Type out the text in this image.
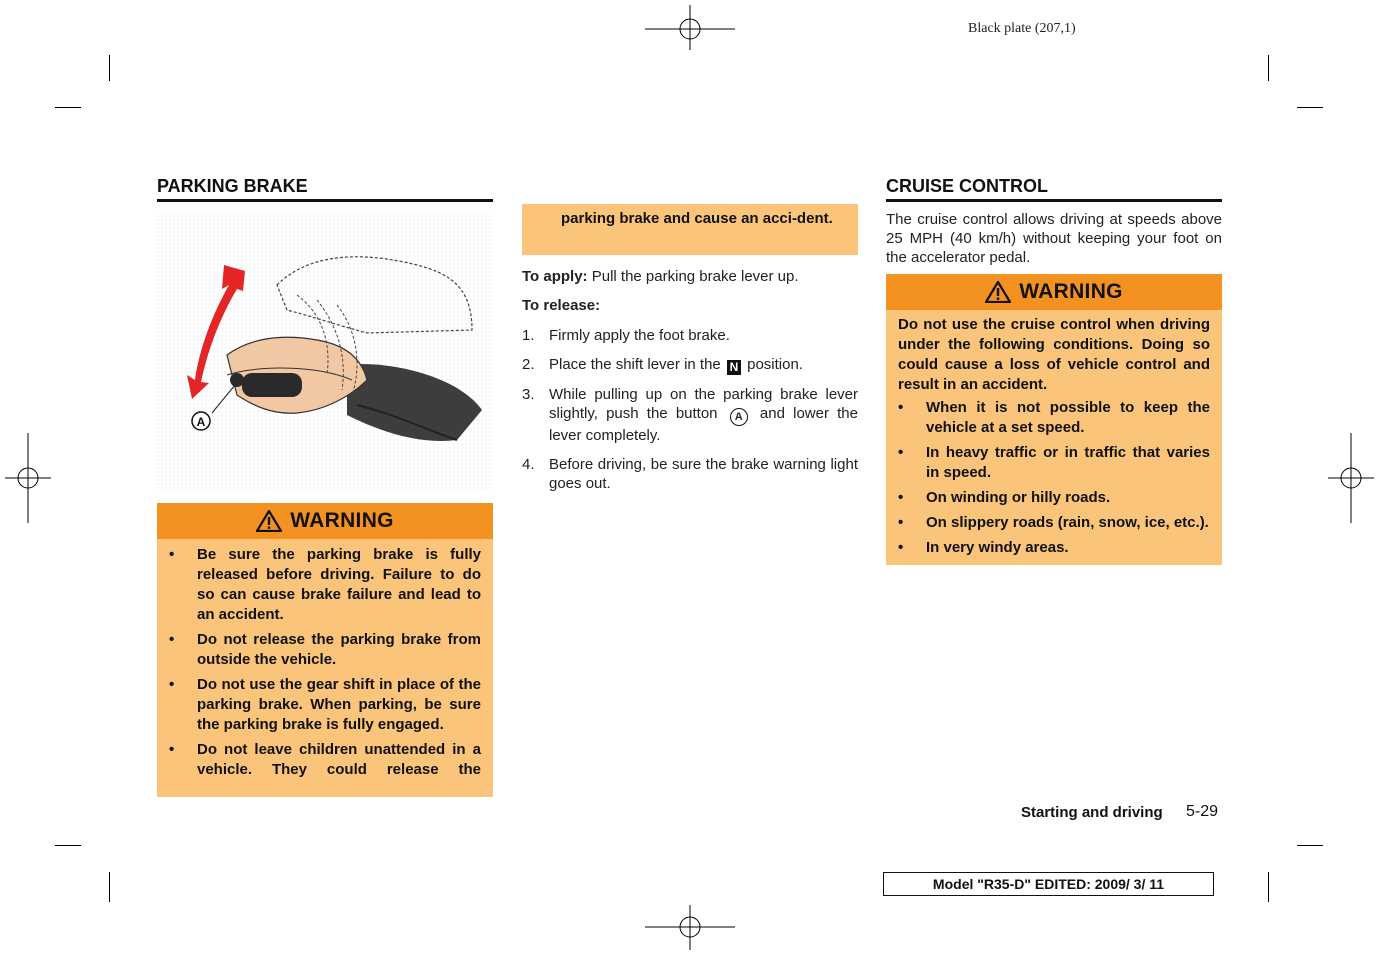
Black plate (207,1)
PARKING BRAKE
A
WARNING
• Be sure the parking brake is fully released before driving. Failure to do so can cause brake failure and lead to an accident.
• Do not release the parking brake from outside the vehicle.
• Do not use the gear shift in place of the parking brake. When parking, be sure the parking brake is fully engaged.
• Do not leave children unattended in a vehicle. They could release the
parking brake and cause an acci-dent.
To apply: Pull the parking brake lever up.
To release:
1. Firmly apply the foot brake.
2. Place the shift lever in the N position.
3. While pulling up on the parking brake lever slightly, push the button A and lower the lever completely.
4. Before driving, be sure the brake warning light goes out.
CRUISE CONTROL
The cruise control allows driving at speeds above 25 MPH (40 km/h) without keeping your foot on the accelerator pedal.
WARNING
Do not use the cruise control when driving under the following conditions. Doing so could cause a loss of vehicle control and result in an accident.
• When it is not possible to keep the vehicle at a set speed.
• In heavy traffic or in traffic that varies in speed.
• On winding or hilly roads.
• On slippery roads (rain, snow, ice, etc.).
• In very windy areas.
Starting and driving 5-29
Model "R35-D" EDITED: 2009/ 3/ 11
